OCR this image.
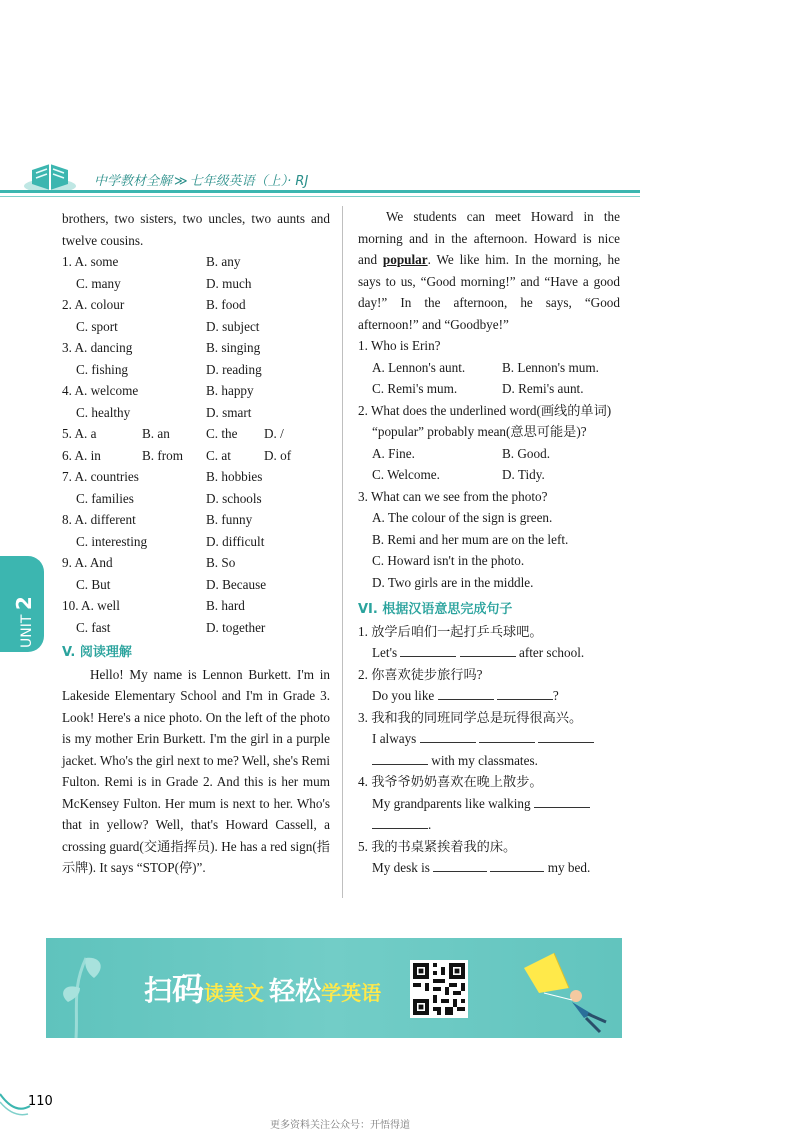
中学教材全解 ≫ 七年级英语（上）· RJ
UNIT 2
brothers, two sisters, two uncles, two aunts and twelve cousins.
1. A. some	B. any
C. many	D. much
2. A. colour	B. food
C. sport	D. subject
3. A. dancing	B. singing
C. fishing	D. reading
4. A. welcome	B. happy
C. healthy	D. smart
5. A. a	B. an	C. the	D. /
6. A. in	B. from	C. at	D. of
7. A. countries	B. hobbies
C. families	D. schools
8. A. different	B. funny
C. interesting	D. difficult
9. A. And	B. So
C. But	D. Because
10. A. well	B. hard
C. fast	D. together
V. 阅读理解
Hello! My name is Lennon Burkett. I'm in Lakeside Elementary School and I'm in Grade 3. Look! Here's a nice photo. On the left of the photo is my mother Erin Burkett. I'm the girl in a purple jacket. Who's the girl next to me? Well, she's Remi Fulton. Remi is in Grade 2. And this is her mum McKensey Fulton. Her mum is next to her. Who's that in yellow? Well, that's Howard Cassell, a crossing guard(交通指挥员). He has a red sign(指示牌). It says “STOP(停)”.
We students can meet Howard in the morning and in the afternoon. Howard is nice and popular. We like him. In the morning, he says to us, “Good morning!” and “Have a good day!” In the afternoon, he says, “Good afternoon!” and “Goodbye!”
1. Who is Erin?
A. Lennon's aunt.	B. Lennon's mum.
C. Remi's mum.	D. Remi's aunt.
2. What does the underlined word(画线的单词) “popular” probably mean(意思可能是)?
A. Fine.	B. Good.
C. Welcome.	D. Tidy.
3. What can we see from the photo?
A. The colour of the sign is green.
B. Remi and her mum are on the left.
C. Howard isn't in the photo.
D. Two girls are in the middle.
VI. 根据汉语意思完成句子
1. 放学后咱们一起打乒乓球吧。
Let's	after school.
2. 你喜欢徒步旅行吗?
Do you like	?
3. 我和我的同班同学总是玩得很高兴。
I always
with my classmates.
4. 我爷爷奶奶喜欢在晚上散步。
My grandparents like walking
.
5. 我的书桌紧挨着我的床。
My desk is	my bed.
扫码读美文 轻松学英语
110
更多资料关注公众号：开悟得道
